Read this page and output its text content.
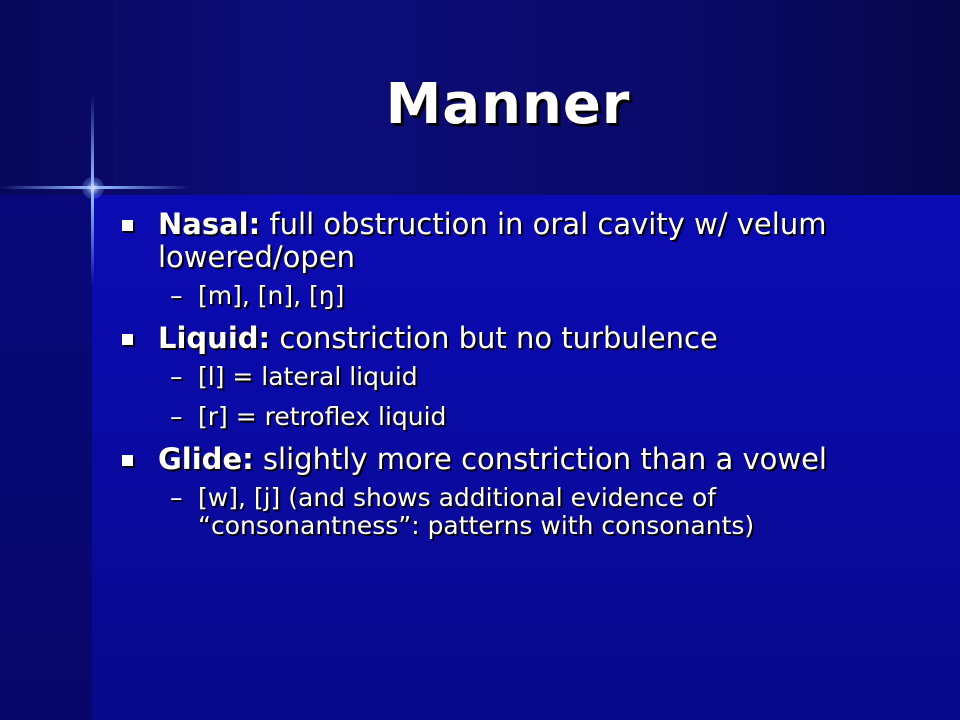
Manner
Nasal: full obstruction in oral cavity w/ velum lowered/open
– [m], [n], [ŋ]
Liquid: constriction but no turbulence
– [l] = lateral liquid
– [r] = retroflex liquid
Glide: slightly more constriction than a vowel
– [w], [j] (and shows additional evidence of “consonantness”: patterns with consonants)
